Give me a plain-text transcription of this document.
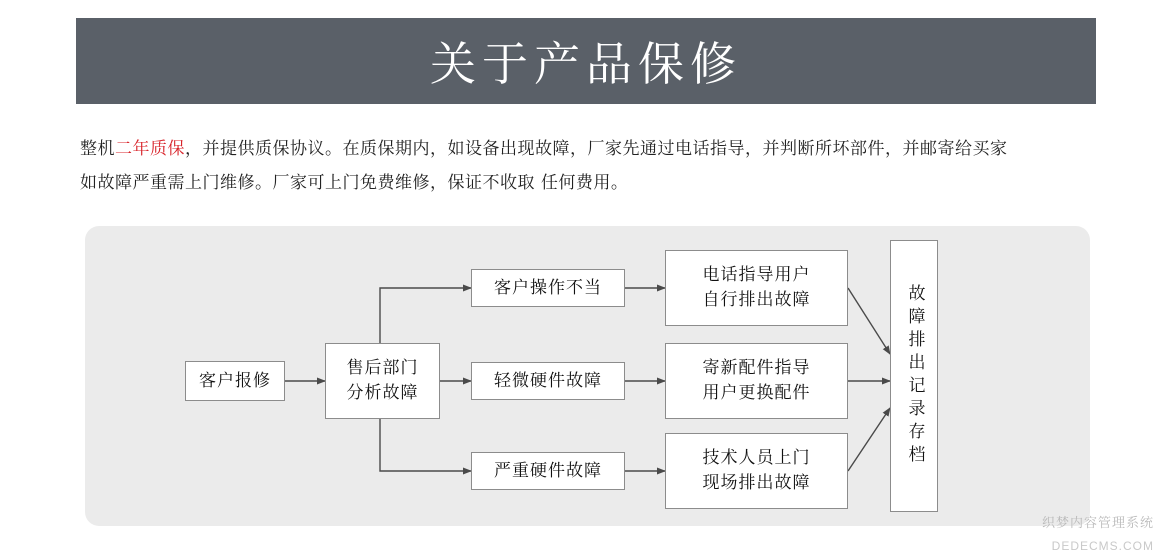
关于产品保修
整机二年质保，并提供质保协议。在质保期内，如设备出现故障，厂家先通过电话指导，并判断所坏部件，并邮寄给买家
如故障严重需上门维修。厂家可上门免费维修，保证不收取 任何费用。
客户报修
售后部门
分析故障
客户操作不当
轻微硬件故障
严重硬件故障
电话指导用户
自行排出故障
寄新配件指导
用户更换配件
技术人员上门
现场排出故障
故障排出记录存档
织梦内容管理系统
DEDECMS.COM
